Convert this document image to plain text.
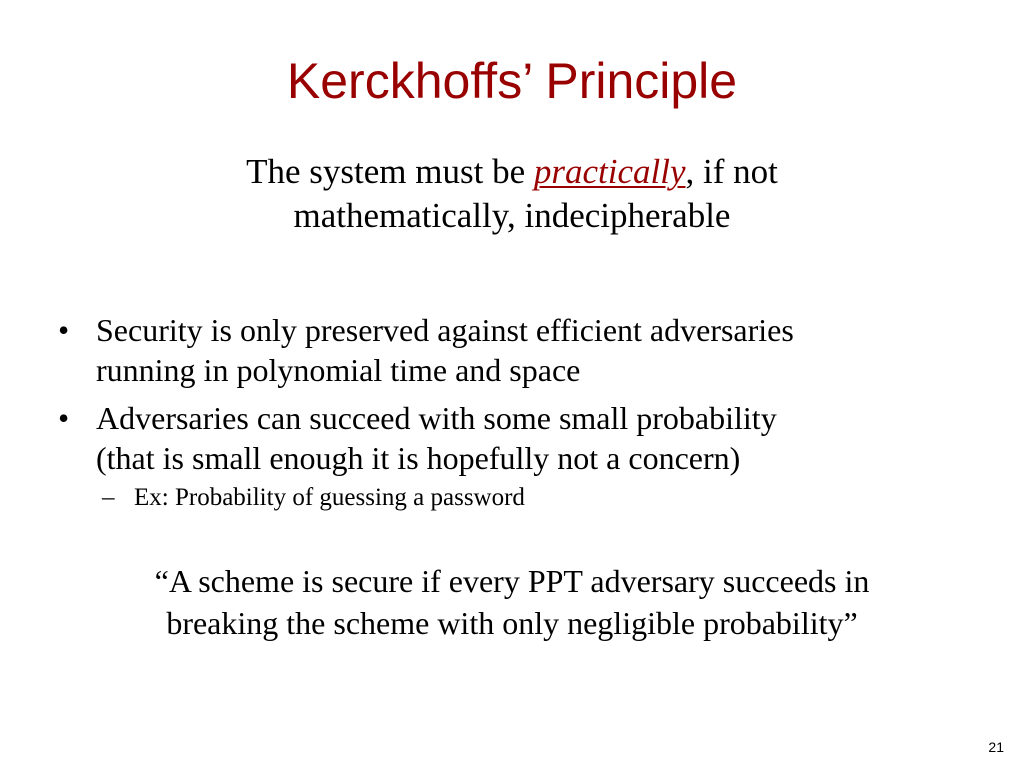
Kerckhoffs’ Principle

The system must be practically, if not
mathematically, indecipherable

• Security is only preserved against efficient adversaries
running in polynomial time and space
• Adversaries can succeed with some small probability
(that is small enough it is hopefully not a concern)
– Ex: Probability of guessing a password

“A scheme is secure if every PPT adversary succeeds in
breaking the scheme with only negligible probability”

21
